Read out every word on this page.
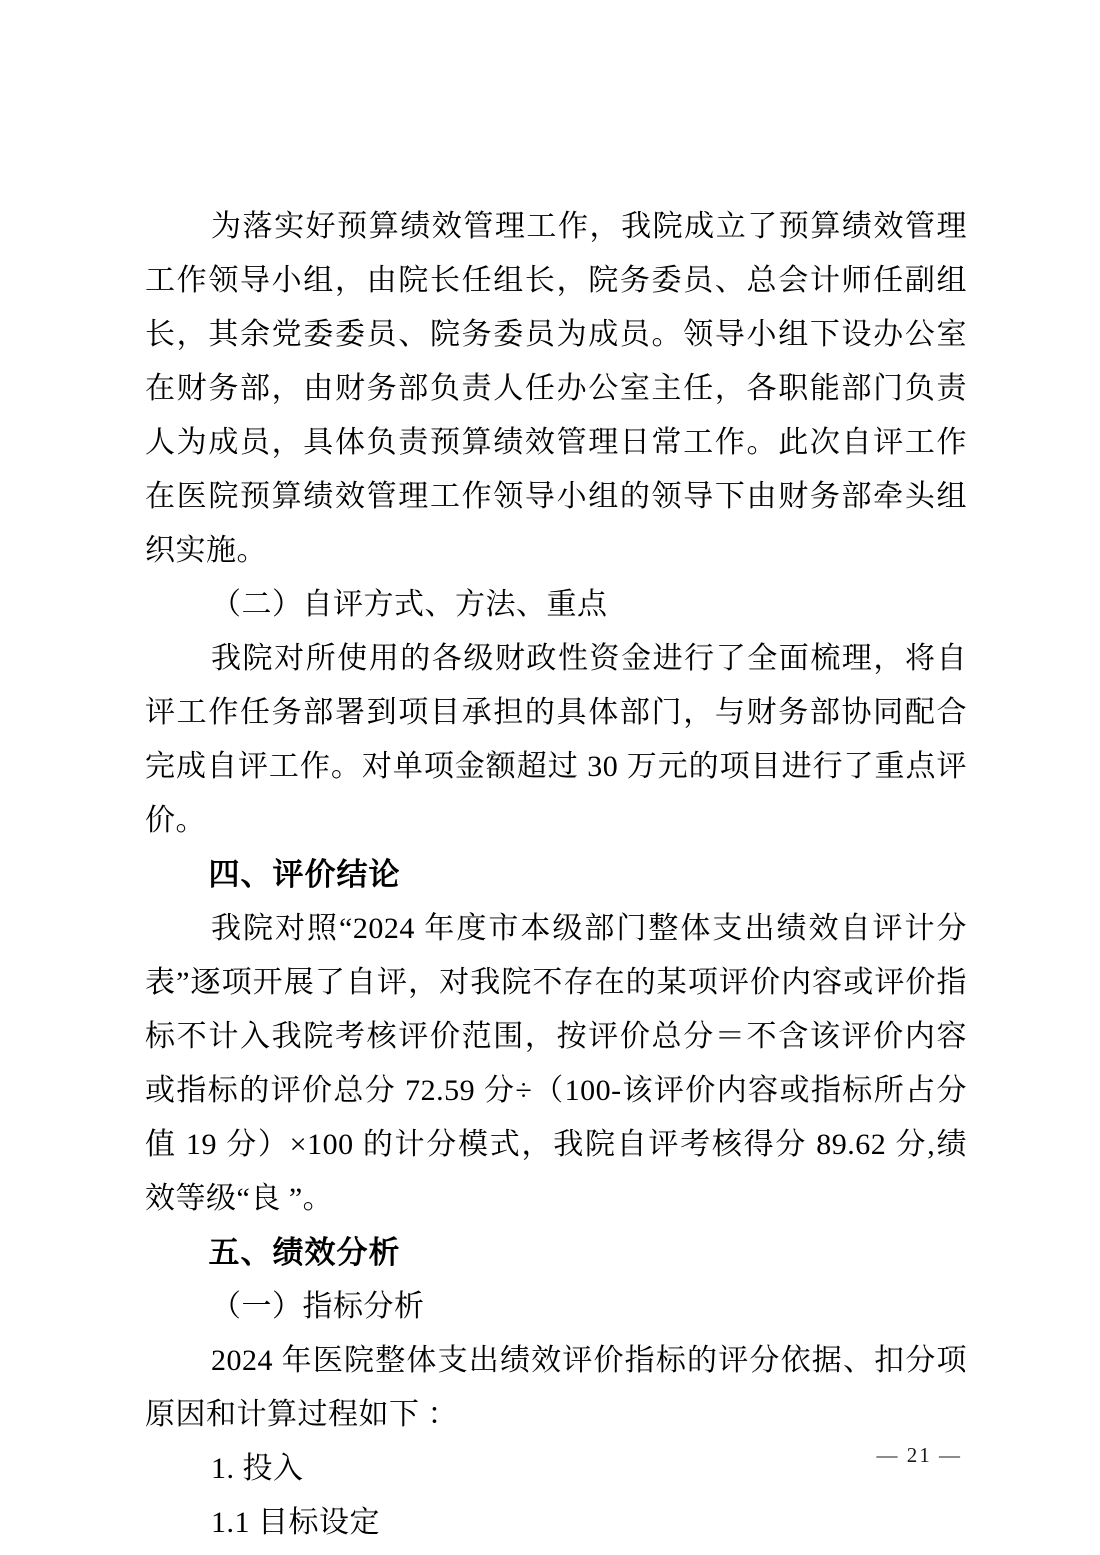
为落实好预算绩效管理工作，我院成立了预算绩效管理工作领导小组，由院长任组长，院务委员、总会计师任副组长，其余党委委员、院务委员为成员。领导小组下设办公室在财务部，由财务部负责人任办公室主任，各职能部门负责人为成员，具体负责预算绩效管理日常工作。此次自评工作在医院预算绩效管理工作领导小组的领导下由财务部牵头组织实施。

（二）自评方式、方法、重点

我院对所使用的各级财政性资金进行了全面梳理，将自评工作任务部署到项目承担的具体部门，与财务部协同配合完成自评工作。对单项金额超过 30 万元的项目进行了重点评价。

四、评价结论

我院对照“2024 年度市本级部门整体支出绩效自评计分表”逐项开展了自评，对我院不存在的某项评价内容或评价指标不计入我院考核评价范围，按评价总分＝不含该评价内容或指标的评价总分 72.59 分÷（100-该评价内容或指标所占分值 19 分）×100 的计分模式，我院自评考核得分 89.62 分,绩效等级“良 ”。

五、绩效分析

（一）指标分析

2024 年医院整体支出绩效评价指标的评分依据、扣分项原因和计算过程如下 ：

1. 投入

1.1 目标设定

— 21 —
